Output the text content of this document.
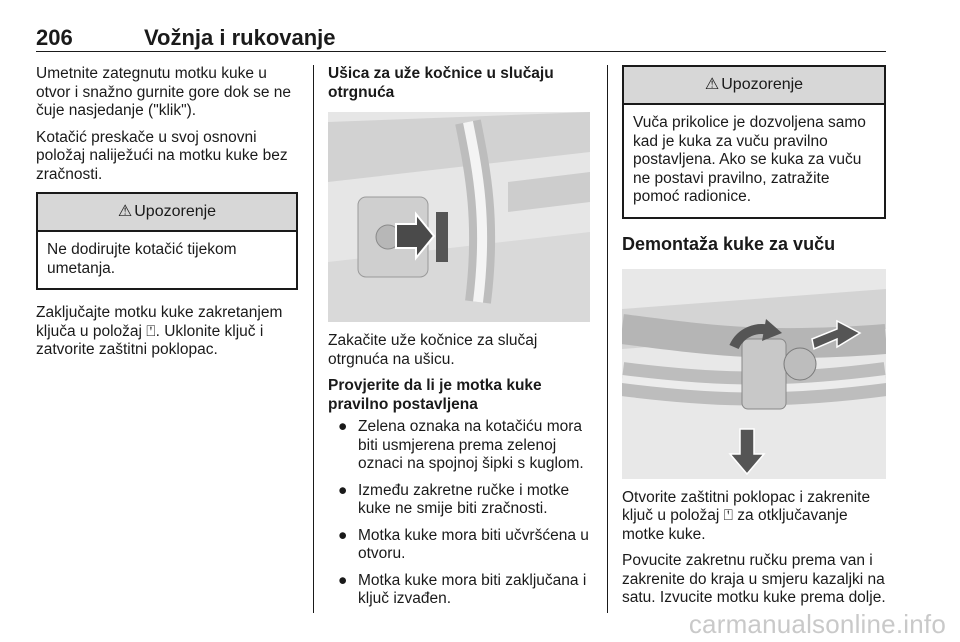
206	Vožnja i rukovanje

Umetnite zategnutu motku kuke u otvor i snažno gurnite gore dok se ne čuje nasjedanje ("klik").

Kotačić preskače u svoj osnovni položaj naliježući na motku kuke bez zračnosti.

⚠ Upozorenje
Ne dodirujte kotačić tijekom umetanja.

Zaključajte motku kuke zakretanjem ključa u položaj ⍞. Uklonite ključ i zatvorite zaštitni poklopac.

Ušica za uže kočnice u slučaju otrgnuća

Zakačite uže kočnice za slučaj otrgnuća na ušicu.

Provjerite da li je motka kuke pravilno postavljena
● Zelena oznaka na kotačiću mora biti usmjerena prema zelenoj oznaci na spojnoj šipki s kuglom.
● Između zakretne ručke i motke kuke ne smije biti zračnosti.
● Motka kuke mora biti učvršćena u otvoru.
● Motka kuke mora biti zaključana i ključ izvađen.
⚠ Upozorenje
Vuča prikolice je dozvoljena samo kad je kuka za vuču pravilno postavljena. Ako se kuka za vuču ne postavi pravilno, zatražite pomoć radionice.
Demontaža kuke za vuču

Otvorite zaštitni poklopac i zakrenite ključ u položaj ⍞ za otključavanje motke kuke.

Povucite zakretnu ručku prema van i zakrenite do kraja u smjeru kazaljki na satu. Izvucite motku kuke prema dolje.

carmanualsonline.info
